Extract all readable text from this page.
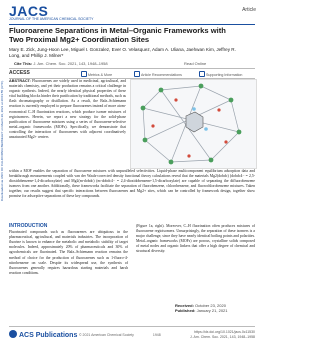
Downloaded via UNIV OF CALIFORNIA BERKELEY on March 29, 2021 at 20:03:55 (UTC).
JACS
JOURNAL OF THE AMERICAN CHEMICAL SOCIETY
Article
Fluoroarene Separations in Metal–Organic Frameworks with Two Proximal Mg2+ Coordination Sites
Mary E. Zick, Jung-Hoon Lee, Miguel I. Gonzalez, Ever O. Velasquez, Adam A. Uliana, Jaehwan Kim, Jeffrey R. Long, and Phillip J. Milner*
Cite This: J. Am. Chem. Soc. 2021, 143, 1948–1958	Read Online
ACCESS	Metrics & More	Article Recommendations	Supporting Information
ABSTRACT: Fluoroarenes are widely used in medicinal, agricultural, and materials chemistry, and yet their production remains a critical challenge in organic synthesis. Indeed, the nearly identical physical properties of these vital building blocks hinder their purification by traditional methods, such as flash chromatography or distillation. As a result, the Balz–Schiemann reaction is currently employed to prepare fluoroarenes instead of more atom-economical C–H fluorination reactions, which produce isomer mixtures of regioisomers. Herein, we report a new strategy for the solid-phase purification of fluoroarene mixtures using a series of fluoroarene-selective metal–organic frameworks (MOFs). Specifically, we demonstrate that controlling the interaction of fluoroarenes with adjacent coordinatively unsaturated Mg2+ centers
within a MOF enables the separation of fluoroarene mixtures with unparalleled selectivities. Liquid-phase multicomponent equilibrium adsorption data and breakthrough measurements coupled with van der Waals-corrected density functional theory calculations reveal that the materials Mg2(dobdc) (dobdc4− = 2,5-dioxidobenzene-1,4-dicarboxylate) and Mg2(m-dobdc) (m-dobdc4− = 2,4-dioxidobenzene-1,5-dicarboxylate) are capable of separating the difluorobenzene isomers from one another. Additionally, these frameworks facilitate the separation of fluorobenzene, chlorobenzene, and fluorochlorobenzene mixtures. Taken together, our results suggest that specific interactions between fluoroarenes and Mg2+ sites, which can be controlled by framework design, together show promise for adsorptive separations of these key compounds.
INTRODUCTION
Fluorinated compounds such as fluoroarenes are ubiquitous in the pharmaceutical, agricultural, and materials industries. The incorporation of fluorine is known to enhance the metabolic and metabolic stability of target molecules. Indeed, approximately 20% of pharmaceuticals and 30% of agrochemicals are fluorinated. The Balz–Schiemann reaction remains the method of choice for the production of fluoroarenes such as 1-fluoro-4-nitrobenzene on scale. Despite its widespread use, the synthesis of fluoroarenes generally requires hazardous starting materials and harsh reaction conditions.
(Figure 1a, right). Moreover, C–H fluorination often produces mixtures of fluoroarene regioisomers. Unsurprisingly, the separation of these isomers is a major challenge, since they have nearly identical boiling points and polarities. Metal–organic frameworks (MOFs) are porous, crystalline solids composed of metal nodes and organic linkers that offer a high degree of chemical and structural diversity.
Received: October 23, 2020
Published: January 21, 2021
ACS Publications © 2021 American Chemical Society	1948
https://dx.doi.org/10.1021/jacs.0c11530
J. Am. Chem. Soc. 2021, 143, 1948–1958
